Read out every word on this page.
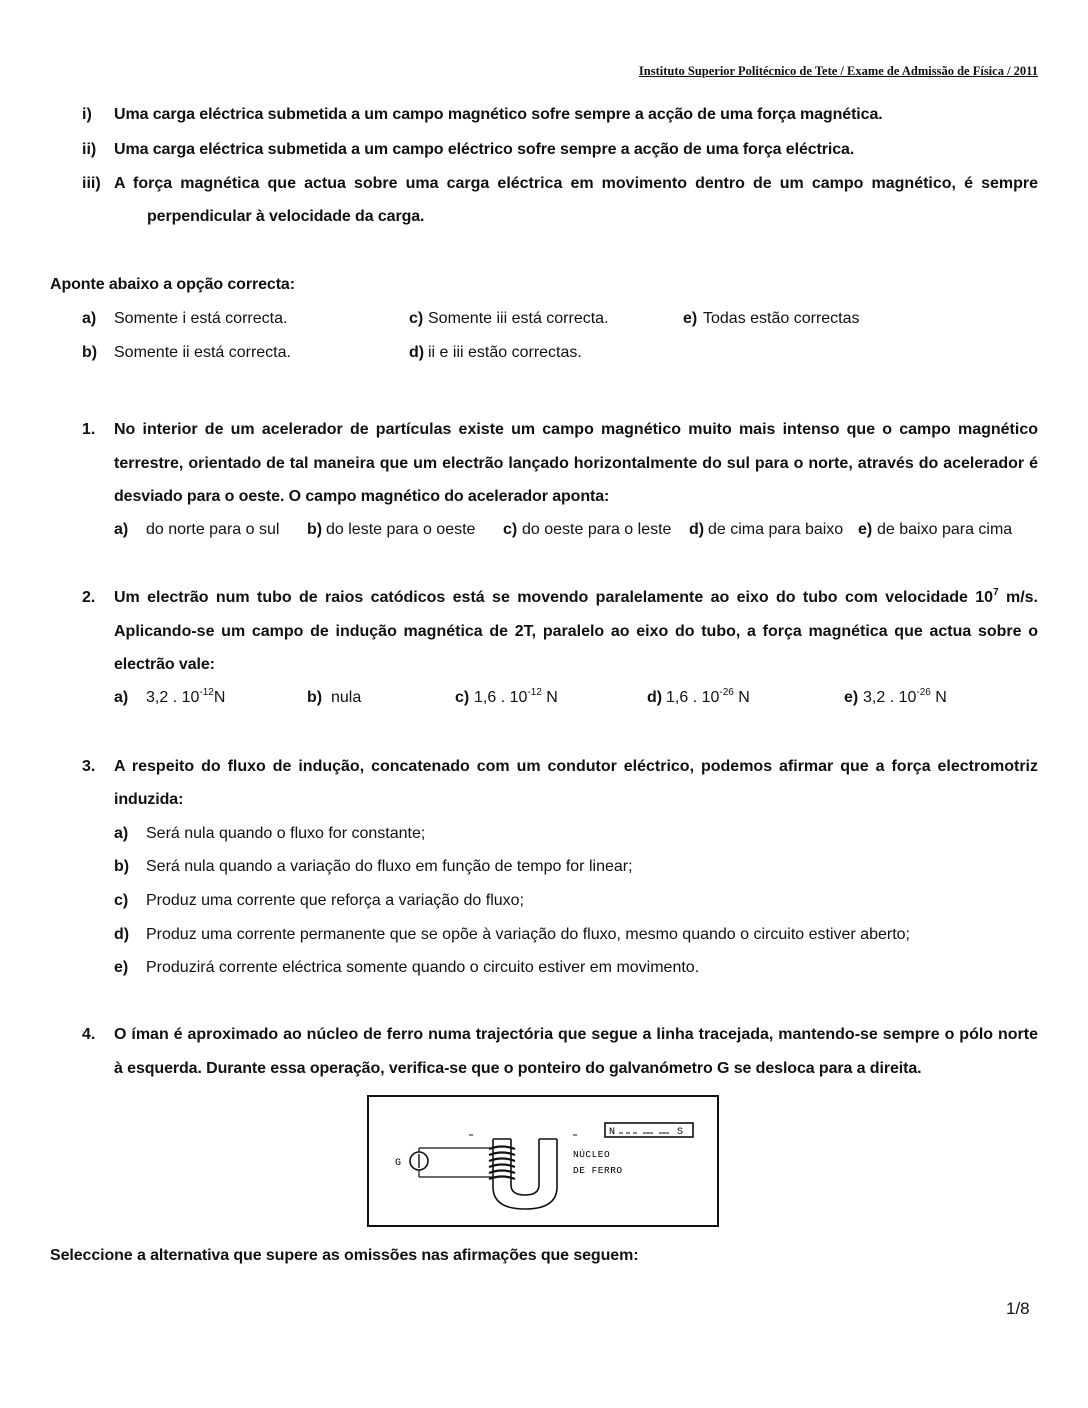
Instituto Superior Politécnico de Tete / Exame de Admissão de Física / 2011
i) Uma carga eléctrica submetida a um campo magnético sofre sempre a acção de uma força magnética.
ii) Uma carga eléctrica submetida a um campo eléctrico sofre sempre a acção de uma força eléctrica.
iii) A força magnética que actua sobre uma carga eléctrica em movimento dentro de um campo magnético, é sempre
perpendicular à velocidade da carga.
Aponte abaixo a opção correcta:
a) Somente i está correcta.
b) Somente ii está correcta.
c) Somente iii está correcta.
d) ii e iii estão correctas.
e) Todas estão correctas
1. No interior de um acelerador de partículas existe um campo magnético muito mais intenso que o campo magnético
terrestre, orientado de tal maneira que um electrão lançado horizontalmente do sul para o norte, através do acelerador é
desviado para o oeste. O campo magnético do acelerador aponta:
a) do norte para o sul b) do leste para o oeste c) do oeste para o leste d) de cima para baixo e) de baixo para cima
2. Um electrão num tubo de raios catódicos está se movendo paralelamente ao eixo do tubo com velocidade $10^7$ m/s.
Aplicando-se um campo de indução magnética de 2T, paralelo ao eixo do tubo, a força magnética que actua sobre o
electrão vale:
a) 3,2 . $10^{-12}N$	b) nula	c) 1,6 . $10^{-12}$ N	d) 1,6 . $10^{-26}$ N	e) 3,2 . $10^{-26}$ N
3. A respeito do fluxo de indução, concatenado com um condutor eléctrico, podemos afirmar que a força electromotriz
induzida:
a) Será nula quando o fluxo for constante;
b) Será nula quando a variação do fluxo em função de tempo for linear;
c) Produz uma corrente que reforça a variação do fluxo;
d) Produz uma corrente permanente que se opõe à variação do fluxo, mesmo quando o circuito estiver aberto;
e) Produzirá corrente eléctrica somente quando o circuito estiver em movimento.
4. O íman é aproximado ao núcleo de ferro numa trajectória que segue a linha tracejada, mantendo-se sempre o pólo norte
à esquerda. Durante essa operação, verifica-se que o ponteiro do galvanómetro G se desloca para a direita.
G
N	S
NÚCLEO
DE FERRO
Seleccione a alternativa que supere as omissões nas afirmações que seguem:
1/8
